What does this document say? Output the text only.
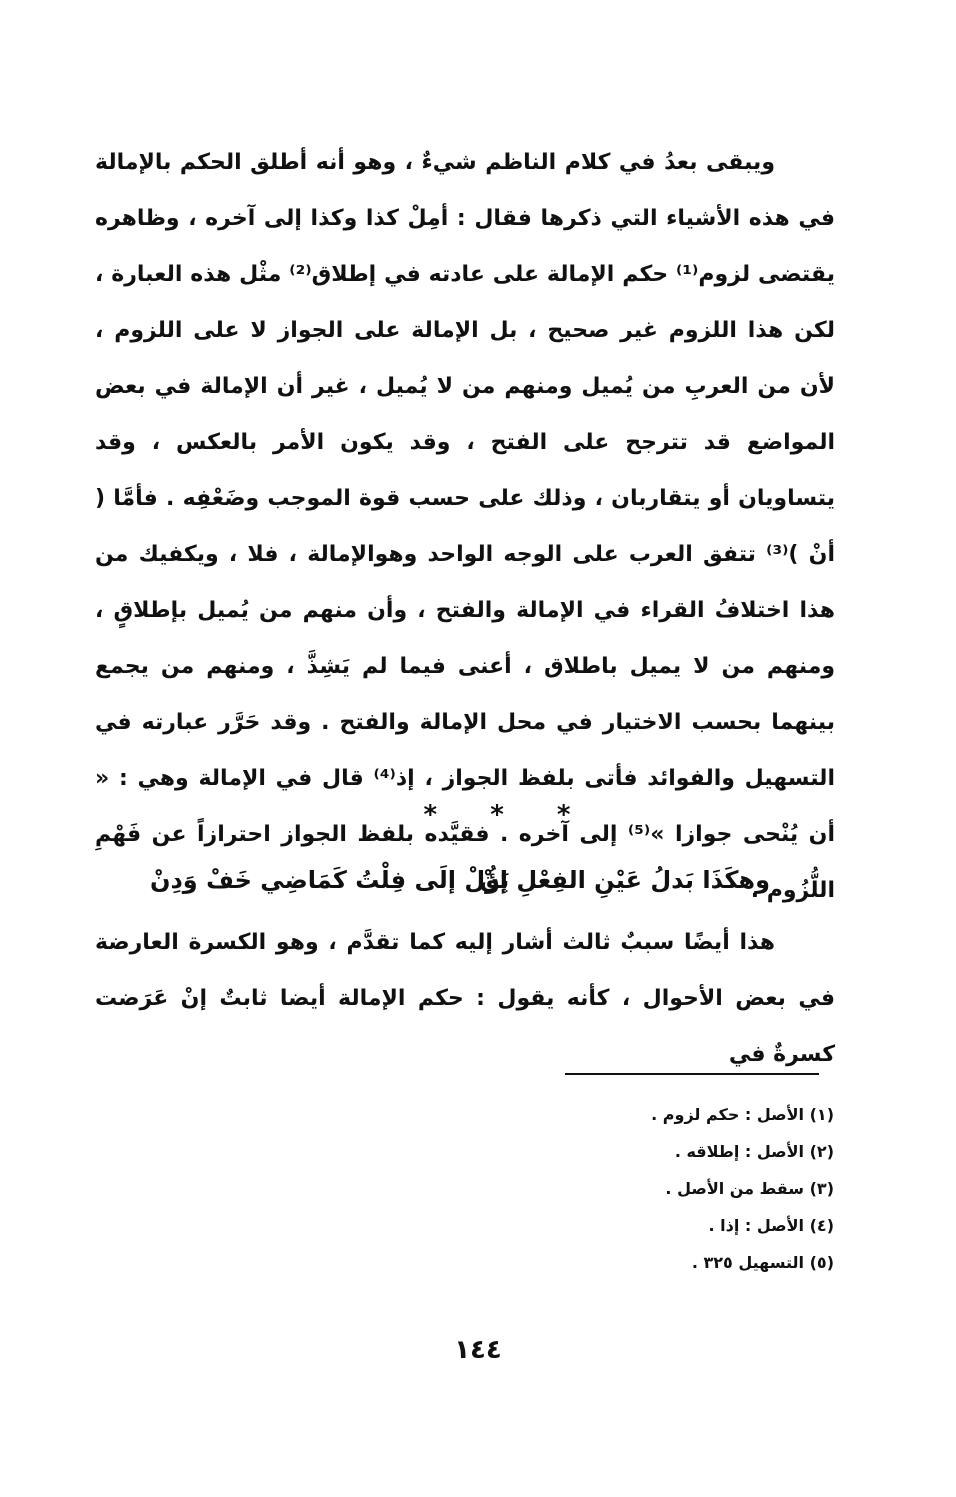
ويبقى بعدُ في كلام الناظم شيءٌ ، وهو أنه أطلق الحكم بالإمالة في هذه الأشياء التي ذكرها فقال : أمِلْ كذا وكذا إلى آخره ، وظاهره يقتضى لزوم⁽¹⁾ حكم الإمالة على عادته في إطلاق⁽²⁾ مثْل هذه العبارة ، لكن هذا اللزوم غير صحيح ، بل الإمالة على الجواز لا على اللزوم ، لأن من العربِ من يُميل ومنهم من لا يُميل ، غير أن الإمالة في بعض المواضع قد تترجح على الفتح ، وقد يكون الأمر بالعكس ، وقد يتساويان أو يتقاربان ، وذلك على حسب قوة الموجب وضَعْفِه . فأمَّا ( أنْ )⁽³⁾ تتفق العرب على الوجه الواحد وهوالإمالة ، فلا ، ويكفيك من هذا اختلافُ القراء في الإمالة والفتح ، وأن منهم من يُميل بإطلاقٍ ، ومنهم من لا يميل باطلاق ، أعنى فيما لم يَشِذَّ ، ومنهم من يجمع بينهما بحسب الاختيار في محل الإمالة والفتح . وقد حَرَّر عبارته في التسهيل والفوائد فأتى بلفظ الجواز ، إذ⁽⁴⁾ قال في الإمالة وهي : « أن يُنْحى جوازا »⁽⁵⁾ إلى آخره . فقيَّده بلفظ الجواز احترازاً عن فَهْمِ اللُّزُوم .

* * *
وهكَذَا بَدلُ عَيْنِ الفِعْلِ إنْ
يَؤُلْ إلَى فِلْتُ كَمَاضِي خَفْ وَدِنْ

هذا أيضًا سببٌ ثالث أشار إليه كما تقدَّم ، وهو الكسرة العارضة في بعض الأحوال ، كأنه يقول : حكم الإمالة أيضا ثابتٌ إنْ عَرَضت كسرةٌ في

(١) الأصل : حكم لزوم .

(٢) الأصل : إطلاقه .

(٣) سقط من الأصل .

(٤) الأصل : إذا .

(٥) التسهيل ٣٢٥ .

١٤٤
